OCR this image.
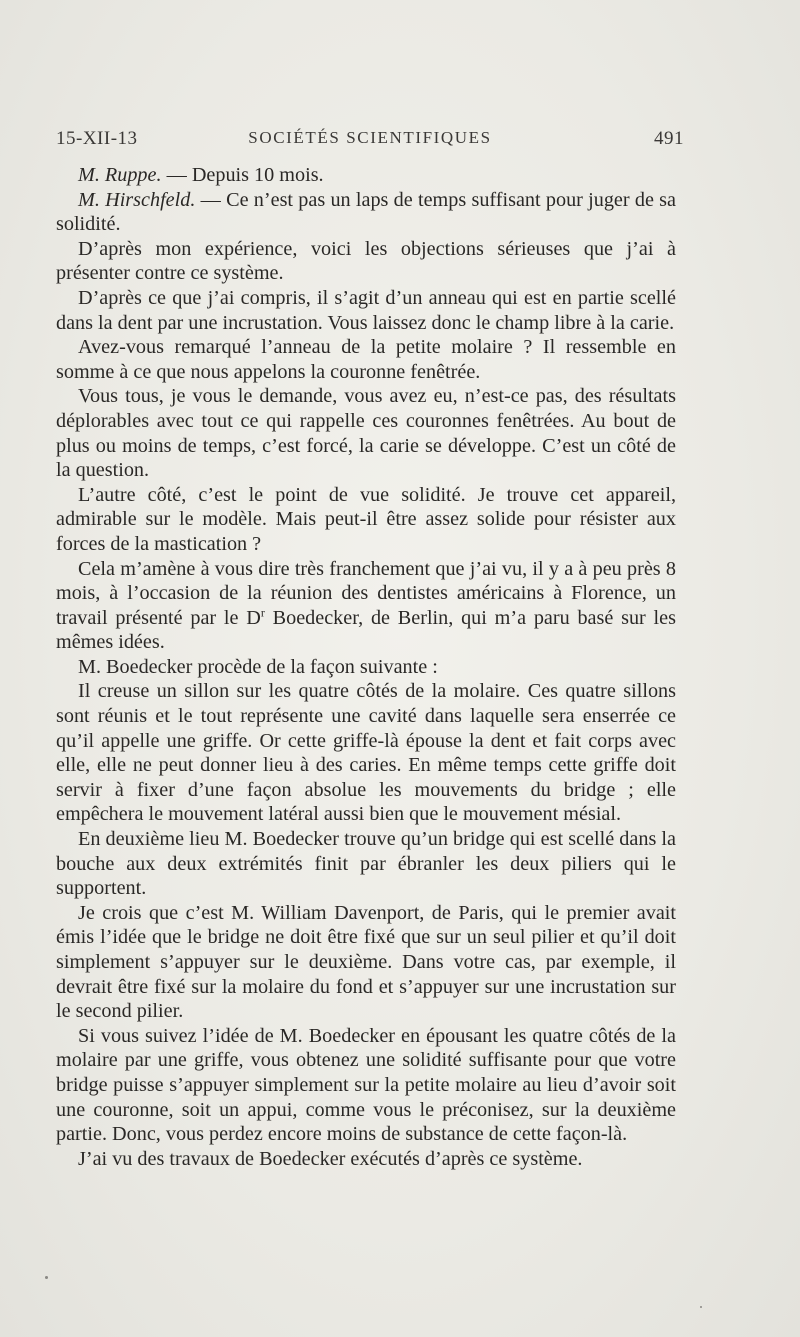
15-XII-13	SOCIÉTÉS SCIENTIFIQUES	491

M. Ruppe. — Depuis 10 mois.

M. Hirschfeld. — Ce n’est pas un laps de temps suffisant pour juger de sa solidité.

D’après mon expérience, voici les objections sérieuses que j’ai à présenter contre ce système.

D’après ce que j’ai compris, il s’agit d’un anneau qui est en partie scellé dans la dent par une incrustation. Vous laissez donc le champ libre à la carie.

Avez-vous remarqué l’anneau de la petite molaire ? Il ressemble en somme à ce que nous appelons la couronne fenêtrée.

Vous tous, je vous le demande, vous avez eu, n’est-ce pas, des résultats déplorables avec tout ce qui rappelle ces couronnes fenêtrées. Au bout de plus ou moins de temps, c’est forcé, la carie se développe. C’est un côté de la question.

L’autre côté, c’est le point de vue solidité. Je trouve cet appareil, admirable sur le modèle. Mais peut-il être assez solide pour résister aux forces de la mastication ?

Cela m’amène à vous dire très franchement que j’ai vu, il y a à peu près 8 mois, à l’occasion de la réunion des dentistes américains à Florence, un travail présenté par le $D^r$ Boedecker, de Berlin, qui m’a paru basé sur les mêmes idées.

M. Boedecker procède de la façon suivante :

Il creuse un sillon sur les quatre côtés de la molaire. Ces quatre sillons sont réunis et le tout représente une cavité dans laquelle sera enserrée ce qu’il appelle une griffe. Or cette griffe-là épouse la dent et fait corps avec elle, elle ne peut donner lieu à des caries. En même temps cette griffe doit servir à fixer d’une façon absolue les mouvements du bridge ; elle empêchera le mouvement latéral aussi bien que le mouvement mésial.

En deuxième lieu M. Boedecker trouve qu’un bridge qui est scellé dans la bouche aux deux extrémités finit par ébranler les deux piliers qui le supportent.

Je crois que c’est M. William Davenport, de Paris, qui le premier avait émis l’idée que le bridge ne doit être fixé que sur un seul pilier et qu’il doit simplement s’appuyer sur le deuxième. Dans votre cas, par exemple, il devrait être fixé sur la molaire du fond et s’appuyer sur une incrustation sur le second pilier.

Si vous suivez l’idée de M. Boedecker en épousant les quatre côtés de la molaire par une griffe, vous obtenez une solidité suffisante pour que votre bridge puisse s’appuyer simplement sur la petite molaire au lieu d’avoir soit une couronne, soit un appui, comme vous le préconisez, sur la deuxième partie. Donc, vous perdez encore moins de substance de cette façon-là.

J’ai vu des travaux de Boedecker exécutés d’après ce système.
